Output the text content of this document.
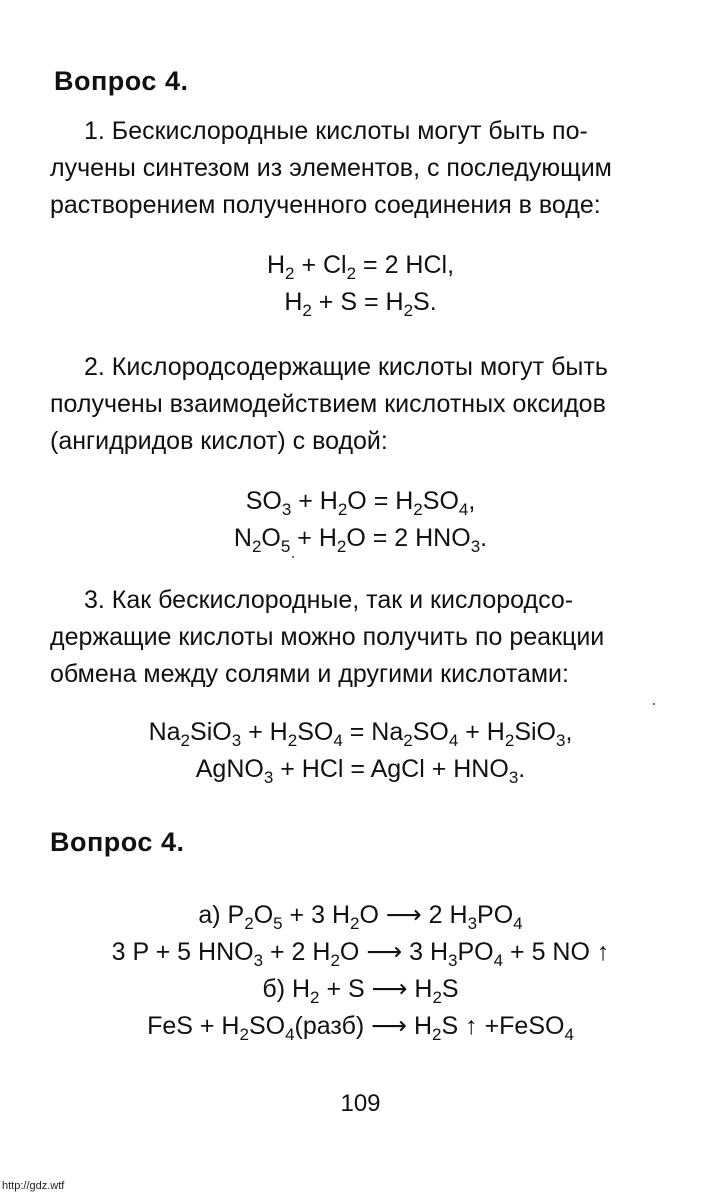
Вопрос 4.
1. Бескислородные кислоты могут быть по-
лучены синтезом из элементов, с последующим
растворением полученного соединения в воде:
$H_2 + Cl_2 = 2$ HCl,
$H_2 + S = H_2S$.
2. Кислородсодержащие кислоты могут быть
получены взаимодействием кислотных оксидов
(ангидридов кислот) с водой:
$SO_3 + H_2O = H_2SO_4$,
$N_2O_5 + H_2O = 2$ $HNO_3$.
3. Как бескислородные, так и кислородсо-
держащие кислоты можно получить по реакции
обмена между солями и другими кислотами:
$Na_2SiO_3 + H_2SO_4 = Na_2SO_4 + H_2SiO_3$,
AgNO$_3$ + HCl = AgCl + $HNO_3$.
Вопрос 4.
а) $P_2O_5 + 3$ $H_2O$ ⟶ 2 $H_3PO_4$
3 P + 5 $HNO_3 + 2$ $H_2O$ ⟶ 3 $H_3PO_4 + 5$ NO ↑
б) $H_2 + S$ ⟶ $H_2S$
FeS + $H_2SO_4(разб)$ ⟶ $H_2S$ ↑ +FeSO$_4$
109
http://gdz.wtf
